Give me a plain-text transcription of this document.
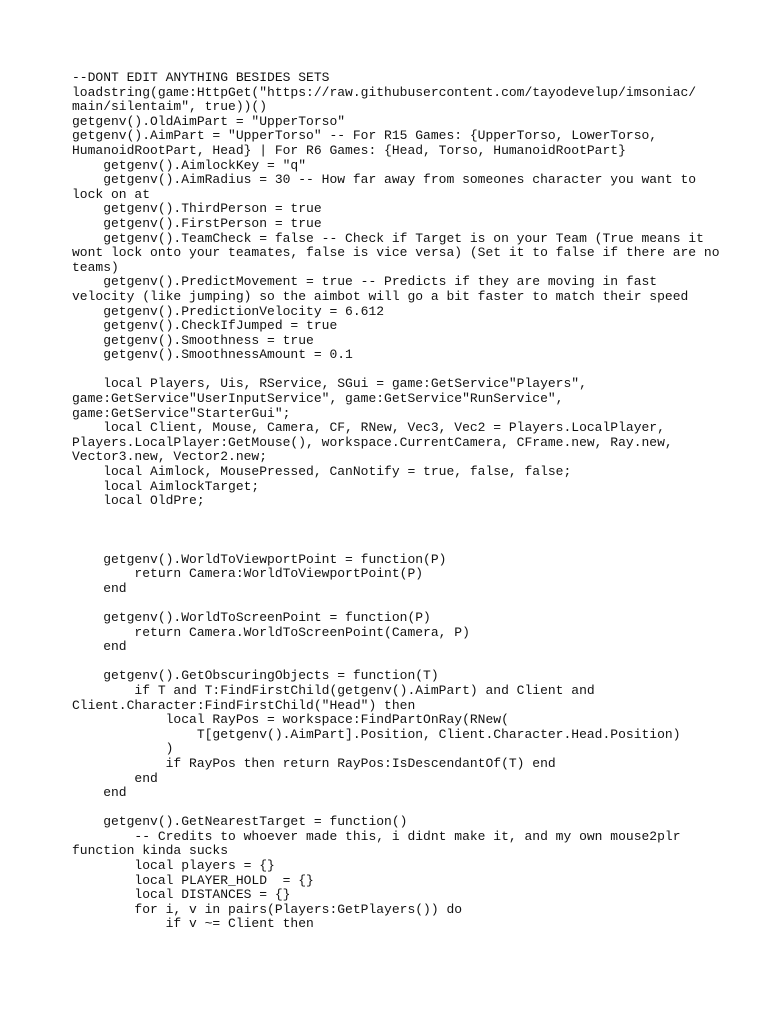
--DONT EDIT ANYTHING BESIDES SETS
loadstring(game:HttpGet("https://raw.githubusercontent.com/tayodevelup/imsoniac/
main/silentaim", true))()
getgenv().OldAimPart = "UpperTorso"
getgenv().AimPart = "UpperTorso" -- For R15 Games: {UpperTorso, LowerTorso,
HumanoidRootPart, Head} | For R6 Games: {Head, Torso, HumanoidRootPart}
getgenv().AimlockKey = "q"
getgenv().AimRadius = 30 -- How far away from someones character you want to
lock on at
getgenv().ThirdPerson = true
getgenv().FirstPerson = true
getgenv().TeamCheck = false -- Check if Target is on your Team (True means it
wont lock onto your teamates, false is vice versa) (Set it to false if there are no
teams)
getgenv().PredictMovement = true -- Predicts if they are moving in fast
velocity (like jumping) so the aimbot will go a bit faster to match their speed
getgenv().PredictionVelocity = 6.612
getgenv().CheckIfJumped = true
getgenv().Smoothness = true
getgenv().SmoothnessAmount = 0.1
local Players, Uis, RService, SGui = game:GetService"Players",
game:GetService"UserInputService", game:GetService"RunService",
game:GetService"StarterGui";
local Client, Mouse, Camera, CF, RNew, Vec3, Vec2 = Players.LocalPlayer,
Players.LocalPlayer:GetMouse(), workspace.CurrentCamera, CFrame.new, Ray.new,
Vector3.new, Vector2.new;
local Aimlock, MousePressed, CanNotify = true, false, false;
local AimlockTarget;
local OldPre;
getgenv().WorldToViewportPoint = function(P)
return Camera:WorldToViewportPoint(P)
end
getgenv().WorldToScreenPoint = function(P)
return Camera.WorldToScreenPoint(Camera, P)
end
getgenv().GetObscuringObjects = function(T)
if T and T:FindFirstChild(getgenv().AimPart) and Client and
Client.Character:FindFirstChild("Head") then
local RayPos = workspace:FindPartOnRay(RNew(
T[getgenv().AimPart].Position, Client.Character.Head.Position)
)
if RayPos then return RayPos:IsDescendantOf(T) end
end
end
getgenv().GetNearestTarget = function()
-- Credits to whoever made this, i didnt make it, and my own mouse2plr
function kinda sucks
local players = {}
local PLAYER_HOLD  = {}
local DISTANCES = {}
for i, v in pairs(Players:GetPlayers()) do
if v ~= Client then
